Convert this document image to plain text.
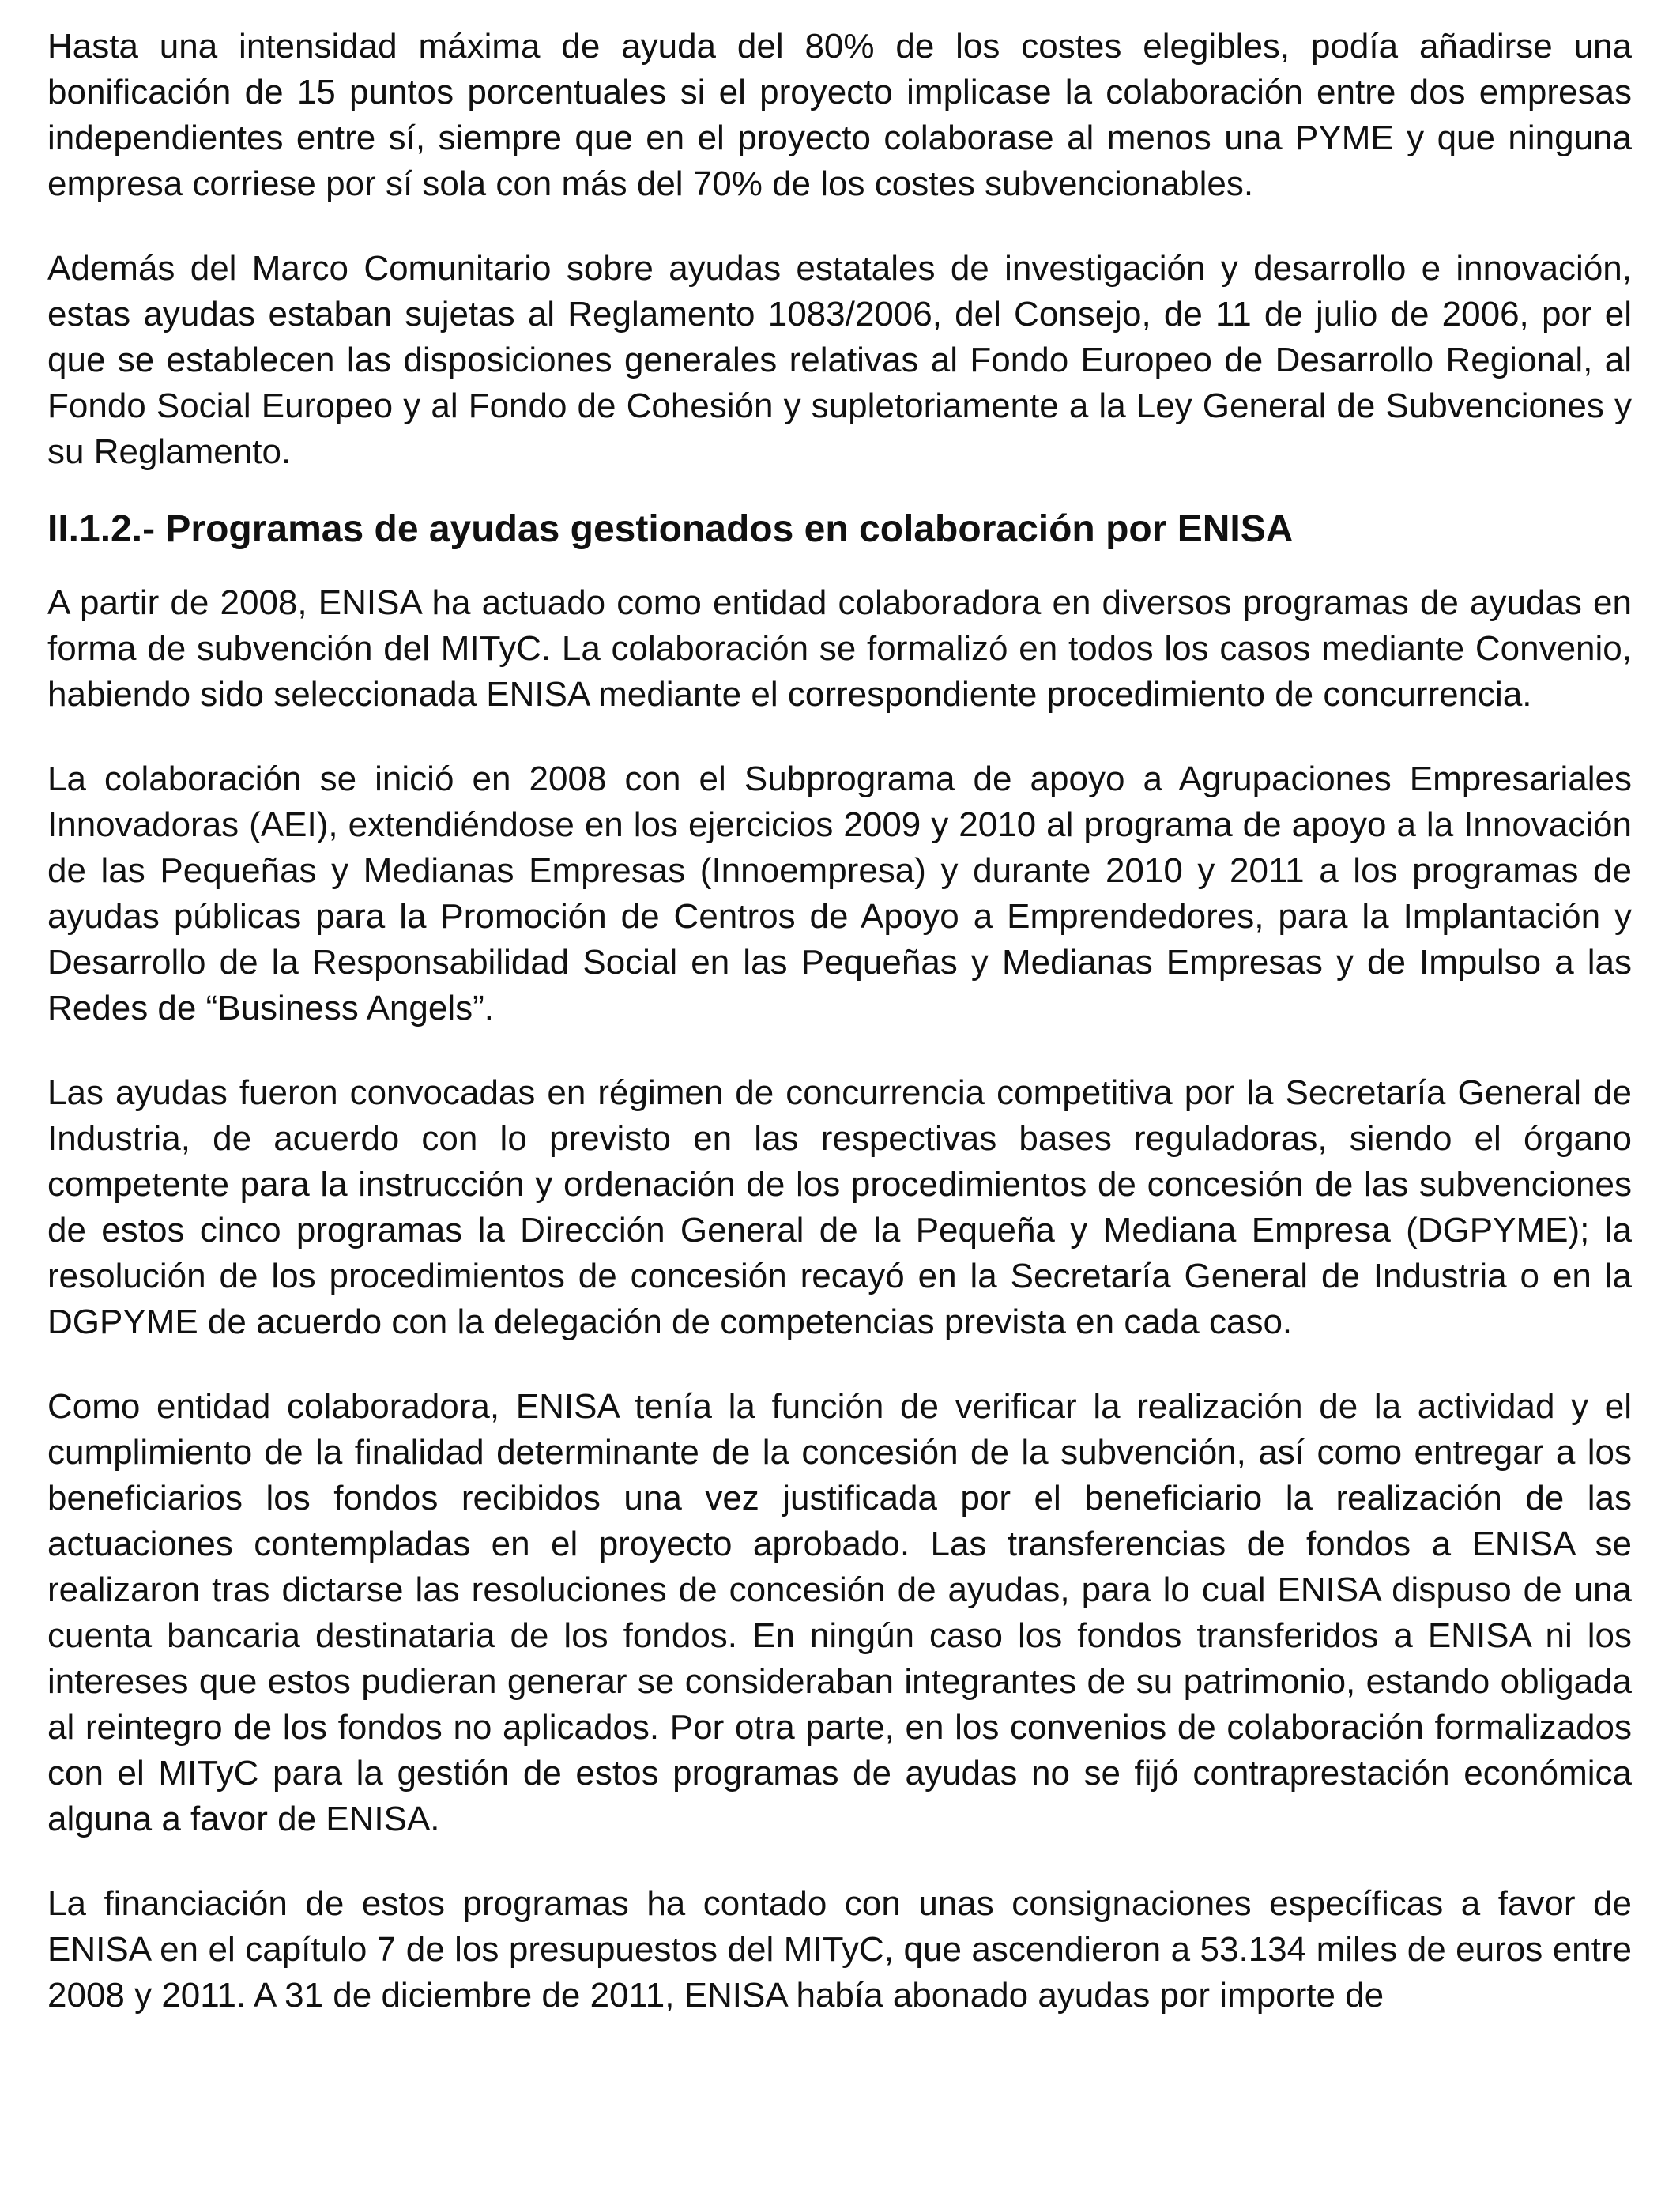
Hasta una intensidad máxima de ayuda del 80% de los costes elegibles, podía añadirse una bonificación de 15 puntos porcentuales si el proyecto implicase la colaboración entre dos empresas independientes entre sí, siempre que en el proyecto colaborase al menos una PYME y que ninguna empresa corriese por sí sola con más del 70% de los costes subvencionables.

Además del Marco Comunitario sobre ayudas estatales de investigación y desarrollo e innovación, estas ayudas estaban sujetas al Reglamento 1083/2006, del Consejo, de 11 de julio de 2006, por el que se establecen las disposiciones generales relativas al Fondo Europeo de Desarrollo Regional, al Fondo Social Europeo y al Fondo de Cohesión y supletoriamente a la Ley General de Subvenciones y su Reglamento.

II.1.2.- Programas de ayudas gestionados en colaboración por ENISA

A partir de 2008, ENISA ha actuado como entidad colaboradora en diversos programas de ayudas en forma de subvención del MITyC. La colaboración se formalizó en todos los casos mediante Convenio, habiendo sido seleccionada ENISA mediante el correspondiente procedimiento de concurrencia.

La colaboración se inició en 2008 con el Subprograma de apoyo a Agrupaciones Empresariales Innovadoras (AEI), extendiéndose en los ejercicios 2009 y 2010 al programa de apoyo a la Innovación de las Pequeñas y Medianas Empresas (Innoempresa) y durante 2010 y 2011 a los programas de ayudas públicas para la Promoción de Centros de Apoyo a Emprendedores, para la Implantación y Desarrollo de la Responsabilidad Social en las Pequeñas y Medianas Empresas y de Impulso a las Redes de “Business Angels”.

Las ayudas fueron convocadas en régimen de concurrencia competitiva por la Secretaría General de Industria, de acuerdo con lo previsto en las respectivas bases reguladoras, siendo el órgano competente para la instrucción y ordenación de los procedimientos de concesión de las subvenciones de estos cinco programas la Dirección General de la Pequeña y Mediana Empresa (DGPYME); la resolución de los procedimientos de concesión recayó en la Secretaría General de Industria o en la DGPYME de acuerdo con la delegación de competencias prevista en cada caso.

Como entidad colaboradora, ENISA tenía la función de verificar la realización de la actividad y el cumplimiento de la finalidad determinante de la concesión de la subvención, así como entregar a los beneficiarios los fondos recibidos una vez justificada por el beneficiario la realización de las actuaciones contempladas en el proyecto aprobado. Las transferencias de fondos a ENISA se realizaron tras dictarse las resoluciones de concesión de ayudas, para lo cual ENISA dispuso de una cuenta bancaria destinataria de los fondos. En ningún caso los fondos transferidos a ENISA ni los intereses que estos pudieran generar se consideraban integrantes de su patrimonio, estando obligada al reintegro de los fondos no aplicados. Por otra parte, en los convenios de colaboración formalizados con el MITyC para la gestión de estos programas de ayudas no se fijó contraprestación económica alguna a favor de ENISA.

La financiación de estos programas ha contado con unas consignaciones específicas a favor de ENISA en el capítulo 7 de los presupuestos del MITyC, que ascendieron a 53.134 miles de euros entre 2008 y 2011. A 31 de diciembre de 2011, ENISA había abonado ayudas por importe de
